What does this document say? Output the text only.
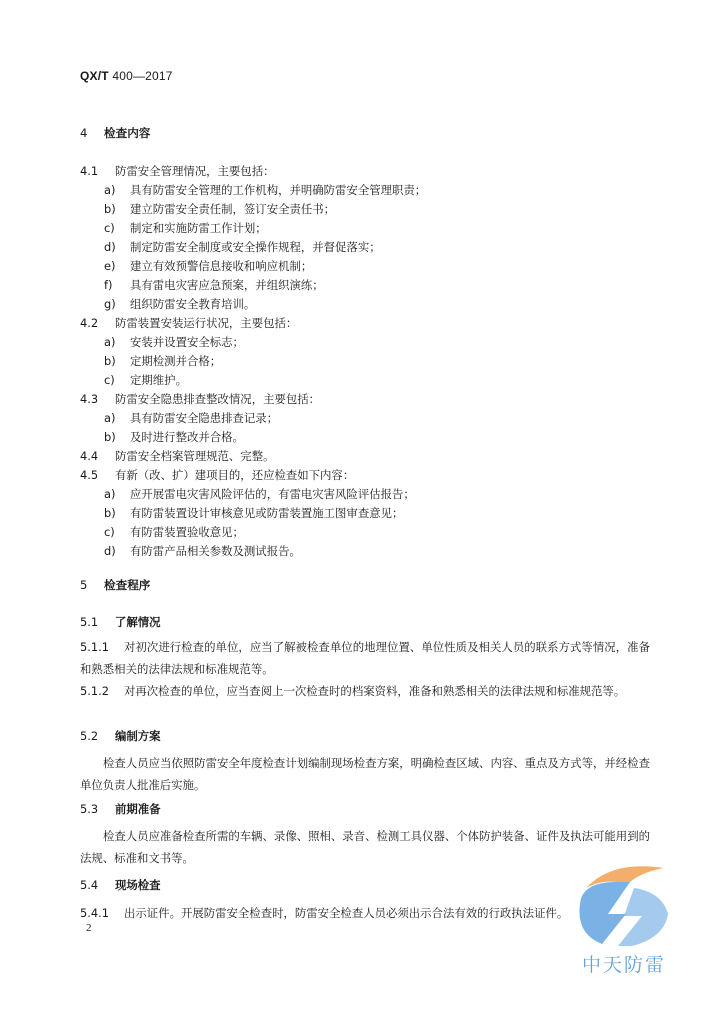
QX/T 400—2017
4 检查内容
4.1 防雷安全管理情况，主要包括：
a) 具有防雷安全管理的工作机构，并明确防雷安全管理职责；
b) 建立防雷安全责任制，签订安全责任书；
c) 制定和实施防雷工作计划；
d) 制定防雷安全制度或安全操作规程，并督促落实；
e) 建立有效预警信息接收和响应机制；
f) 具有雷电灾害应急预案，并组织演练；
g) 组织防雷安全教育培训。
4.2 防雷装置安装运行状况，主要包括：
a) 安装并设置安全标志；
b) 定期检测并合格；
c) 定期维护。
4.3 防雷安全隐患排查整改情况，主要包括：
a) 具有防雷安全隐患排查记录；
b) 及时进行整改并合格。
4.4 防雷安全档案管理规范、完整。
4.5 有新（改、扩）建项目的，还应检查如下内容：
a) 应开展雷电灾害风险评估的，有雷电灾害风险评估报告；
b) 有防雷装置设计审核意见或防雷装置施工图审查意见；
c) 有防雷装置验收意见；
d) 有防雷产品相关参数及测试报告。
5 检查程序
5.1 了解情况
5.1.1 对初次进行检查的单位，应当了解被检查单位的地理位置、单位性质及相关人员的联系方式等情况，准备和熟悉相关的法律法规和标准规范等。
5.1.2 对再次检查的单位，应当查阅上一次检查时的档案资料，准备和熟悉相关的法律法规和标准规范等。
5.2 编制方案
检查人员应当依照防雷安全年度检查计划编制现场检查方案，明确检查区域、内容、重点及方式等，并经检查单位负责人批准后实施。
5.3 前期准备
检查人员应准备检查所需的车辆、录像、照相、录音、检测工具仪器、个体防护装备、证件及执法可能用到的法规、标准和文书等。
5.4 现场检查
5.4.1 出示证件。开展防雷安全检查时，防雷安全检查人员必须出示合法有效的行政执法证件。
2
中天防雷
